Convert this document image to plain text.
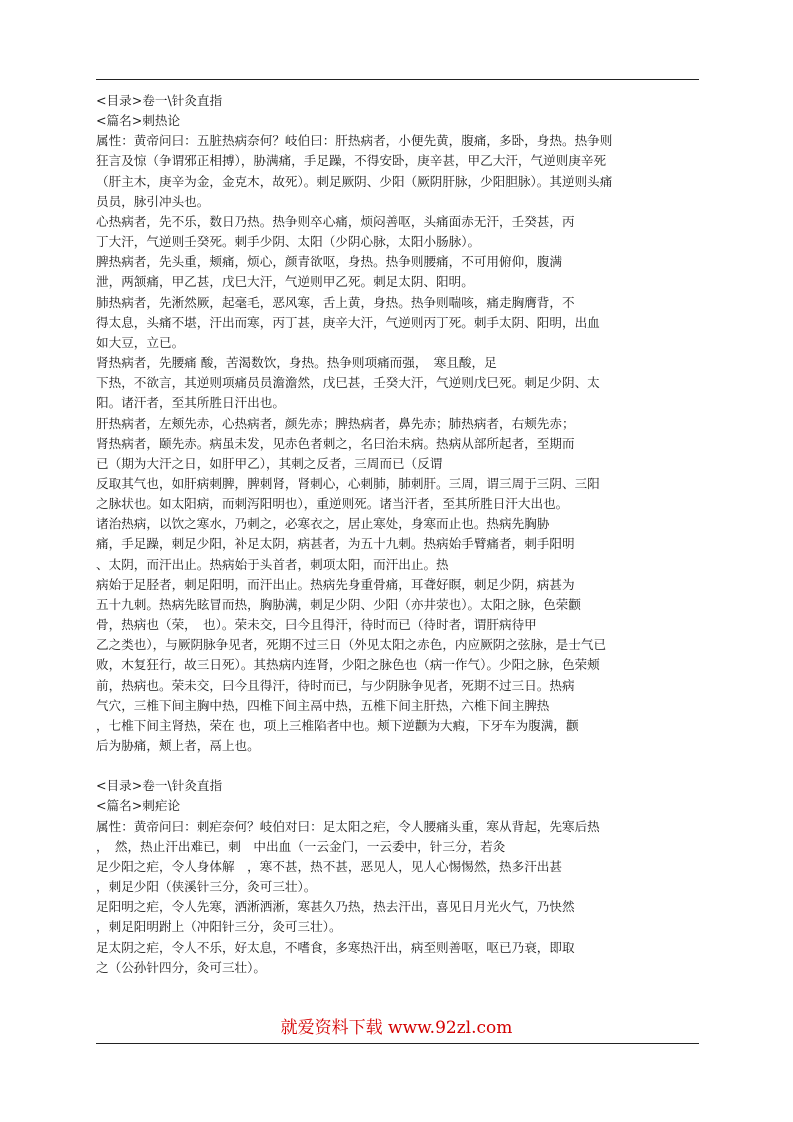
<目录>卷一\针灸直指
<篇名>刺热论
属性：黄帝问曰：五脏热病奈何？岐伯曰：肝热病者，小便先黄，腹痛，多卧，身热。热争则
狂言及惊（争谓邪正相搏），胁满痛，手足躁，不得安卧，庚辛甚，甲乙大汗，气逆则庚辛死
（肝主木，庚辛为金，金克木，故死）。刺足厥阴、少阳（厥阴肝脉，少阳胆脉）。其逆则头痛
员员，脉引冲头也。
心热病者，先不乐，数日乃热。热争则卒心痛，烦闷善呕，头痛面赤无汗，壬癸甚，丙
丁大汗，气逆则壬癸死。刺手少阴、太阳（少阴心脉，太阳小肠脉）。
脾热病者，先头重，颊痛，烦心，颜青欲呕，身热。热争则腰痛，不可用俯仰，腹满
泄，两颔痛，甲乙甚，戊巳大汗，气逆则甲乙死。刺足太阴、阳明。
肺热病者，先淅然厥，起毫毛，恶风寒，舌上黄，身热。热争则喘咳，痛走胸膺背，不
得太息，头痛不堪，汗出而寒，丙丁甚，庚辛大汗，气逆则丙丁死。刺手太阴、阳明，出血
如大豆，立已。
肾热病者，先腰痛 酸，苦渴数饮，身热。热争则项痛而强，　寒且酸，足
下热，不欲言，其逆则项痛员员澹澹然，戊巳甚，壬癸大汗，气逆则戊巳死。刺足少阴、太
阳。诸汗者，至其所胜日汗出也。
肝热病者，左颊先赤，心热病者，颜先赤；脾热病者，鼻先赤；肺热病者，右颊先赤；
肾热病者，颐先赤。病虽未发，见赤色者刺之，名曰治未病。热病从部所起者，至期而
已（期为大汗之日，如肝甲乙），其刺之反者，三周而已（反谓
反取其气也，如肝病刺脾，脾刺肾，肾刺心，心刺肺，肺刺肝。三周，谓三周于三阴、三阳
之脉状也。如太阳病，而刺泻阳明也），重逆则死。诸当汗者，至其所胜日汗大出也。
诸治热病，以饮之寒水，乃刺之，必寒衣之，居止寒处，身寒而止也。热病先胸胁
痛，手足躁，刺足少阳，补足太阴，病甚者，为五十九刺。热病始手臂痛者，刺手阳明
、太阴，而汗出止。热病始于头首者，刺项太阳，而汗出止。热
病始于足胫者，刺足阳明，而汗出止。热病先身重骨痛，耳聋好瞑，刺足少阴，病甚为
五十九刺。热病先眩冒而热，胸胁满，刺足少阴、少阳（亦井荥也）。太阳之脉，色荣颧
骨，热病也（荣，　也）。荣未交，曰今且得汗，待时而已（待时者，谓肝病待甲
乙之类也），与厥阴脉争见者，死期不过三日（外见太阳之赤色，内应厥阴之弦脉，是士气已
败，木复狂行，故三日死）。其热病内连肾，少阳之脉色也（病一作气）。少阳之脉，色荣颊
前，热病也。荣未交，曰今且得汗，待时而已，与少阴脉争见者，死期不过三日。热病
气穴，三椎下间主胸中热，四椎下间主鬲中热，五椎下间主肝热，六椎下间主脾热
，七椎下间主肾热，荣在 也，项上三椎陷者中也。颊下逆颧为大瘕，下牙车为腹满，颧
后为胁痛，颊上者，鬲上也。
<目录>卷一\针灸直指
<篇名>刺疟论
属性：黄帝问曰：刺疟奈何？岐伯对曰：足太阳之疟，令人腰痛头重，寒从背起，先寒后热
，　然，热止汗出难已，刺　中出血（一云金门，一云委中，针三分，若灸
足少阳之疟，令人身体解　，寒不甚，热不甚，恶见人，见人心惕惕然，热多汗出甚
，刺足少阳（侠溪针三分，灸可三壮）。
足阳明之疟，令人先寒，洒淅洒淅，寒甚久乃热，热去汗出，喜见日月光火气，乃快然
，刺足阳明跗上（冲阳针三分，灸可三壮）。
足太阴之疟，令人不乐，好太息，不嗜食，多寒热汗出，病至则善呕，呕已乃衰，即取
之（公孙针四分，灸可三壮）。
就爱资料下载 www.92zl.com
